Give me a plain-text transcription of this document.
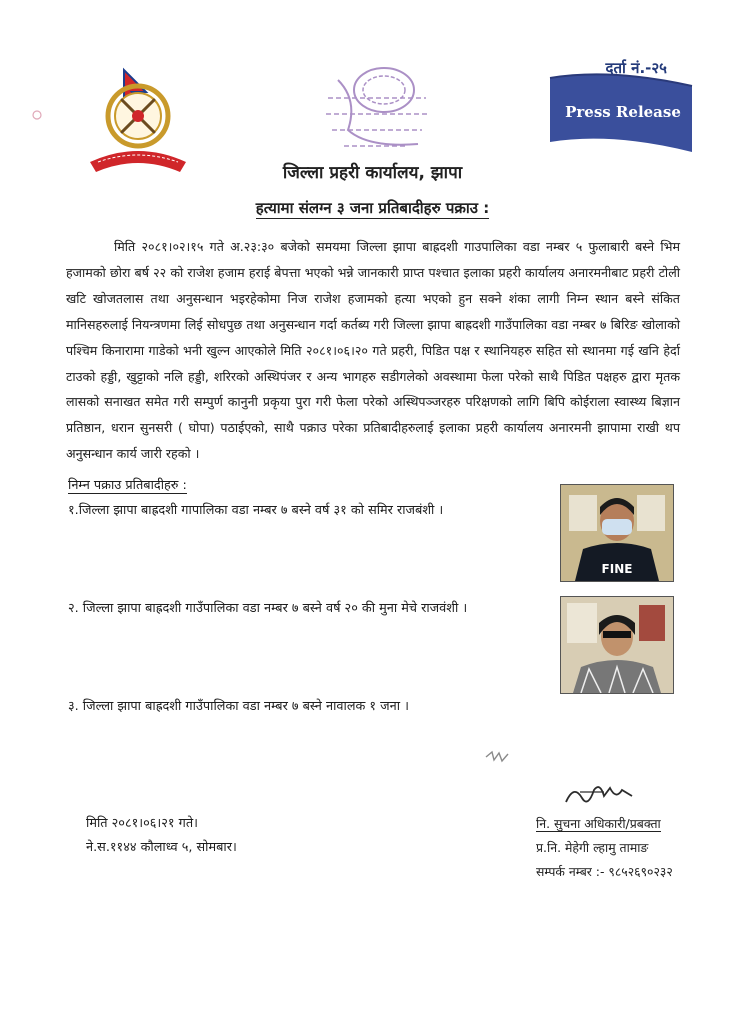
दर्ता नं.-२५
Press Release
जिल्ला प्रहरी कार्यालय, झापा
हत्यामा संलग्न ३ जना प्रतिबादीहरु पक्राउ :
मिति २०८१।०२।१५ गते अ.२३:३० बजेको समयमा जिल्ला झापा बाह्रदशी गाउपालिका वडा नम्बर ५ फुलाबारी बस्ने भिम हजामको छोरा बर्ष २२ को राजेश हजाम हराई बेपत्ता भएको भन्ने जानकारी प्राप्त पश्चात इलाका प्रहरी कार्यालय अनारमनीबाट प्रहरी टोली खटि खोजतलास तथा अनुसन्धान भइरहेकोमा निज राजेश हजामको हत्या भएको हुन सक्ने शंका लागी निम्न स्थान बस्ने संकित मानिसहरुलाई नियन्त्रणमा लिई सोधपुछ तथा अनुसन्धान गर्दा कर्तब्य गरी जिल्ला झापा बाह्रदशी गाउँपालिका वडा नम्बर ७ बिरिङ खोलाको पश्चिम किनारामा गाडेको भनी खुल्न आएकोले मिति २०८१।०६।२० गते प्रहरी, पिडित पक्ष र स्थानियहरु सहित सो स्थानमा गई खनि हेर्दा टाउको हड्डी, खुट्टाको नलि हड्डी, शरिरको अस्थिपंजर र अन्य भागहरु सडीगलेको अवस्थामा फेला परेको साथै पिडित पक्षहरु द्वारा मृतक लासको सनाखत समेत गरी सम्पुर्ण कानुनी प्रकृया पुरा गरी फेला परेको अस्थिपञ्जरहरु परिक्षणको लागि बिपि कोईराला स्वास्थ्य बिज्ञान प्रतिष्ठान, धरान सुनसरी ( घोपा) पठाईएको, साथै पक्राउ परेका प्रतिबादीहरुलाई इलाका प्रहरी कार्यालय अनारमनी झापामा राखी थप अनुसन्धान कार्य जारी रहको ।
निम्न पक्राउ प्रतिबादीहरु :
१.जिल्ला झापा बाह्रदशी गापालिका वडा नम्बर ७ बस्ने वर्ष ३१ को समिर राजबंशी ।
२. जिल्ला झापा बाह्रदशी गाउँपालिका वडा नम्बर ७ बस्ने वर्ष २० की मुना मेचे राजवंशी ।
३. जिल्ला झापा बाह्रदशी गाउँपालिका वडा नम्बर ७ बस्ने नावालक १ जना ।
FINE
मिति २०८१।०६।२१ गते।
ने.स.११४४ कौलाध्व ५, सोमबार।
नि. सुचना अधिकारी/प्रबक्ता
प्र.नि. मेहेगी ल्हामु तामाङ
सम्पर्क नम्बर :- ९८५२६९०२३२
